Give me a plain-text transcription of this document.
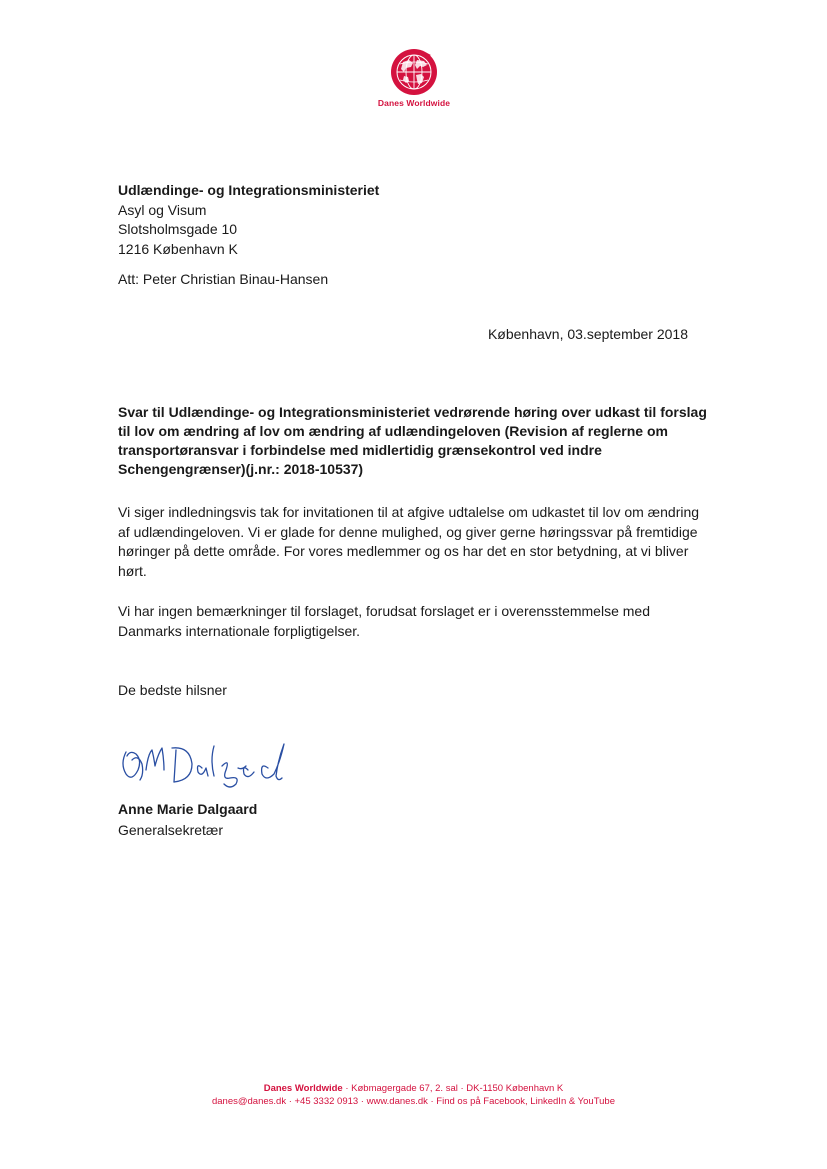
Danes Worldwide
Udlændinge- og Integrationsministeriet
Asyl og Visum
Slotsholmsgade 10
1216 København K
Att: Peter Christian Binau-Hansen
København, 03.september 2018
Svar til Udlændinge- og Integrationsministeriet vedrørende høring over udkast til forslag til lov om ændring af lov om ændring af udlændingeloven (Revision af reglerne om transportøransvar i forbindelse med midlertidig grænsekontrol ved indre Schengengrænser)(j.nr.: 2018-10537)
Vi siger indledningsvis tak for invitationen til at afgive udtalelse om udkastet til lov om ændring af udlændingeloven. Vi er glade for denne mulighed, og giver gerne høringssvar på fremtidige høringer på dette område. For vores medlemmer og os har det en stor betydning, at vi bliver hørt.
Vi har ingen bemærkninger til forslaget, forudsat forslaget er i overensstemmelse med Danmarks internationale forpligtigelser.
De bedste hilsner
Anne Marie Dalgaard
Generalsekretær
Danes Worldwide · Købmagergade 67, 2. sal · DK-1150 København K
danes@danes.dk · +45 3332 0913 · www.danes.dk · Find os på Facebook, LinkedIn & YouTube
